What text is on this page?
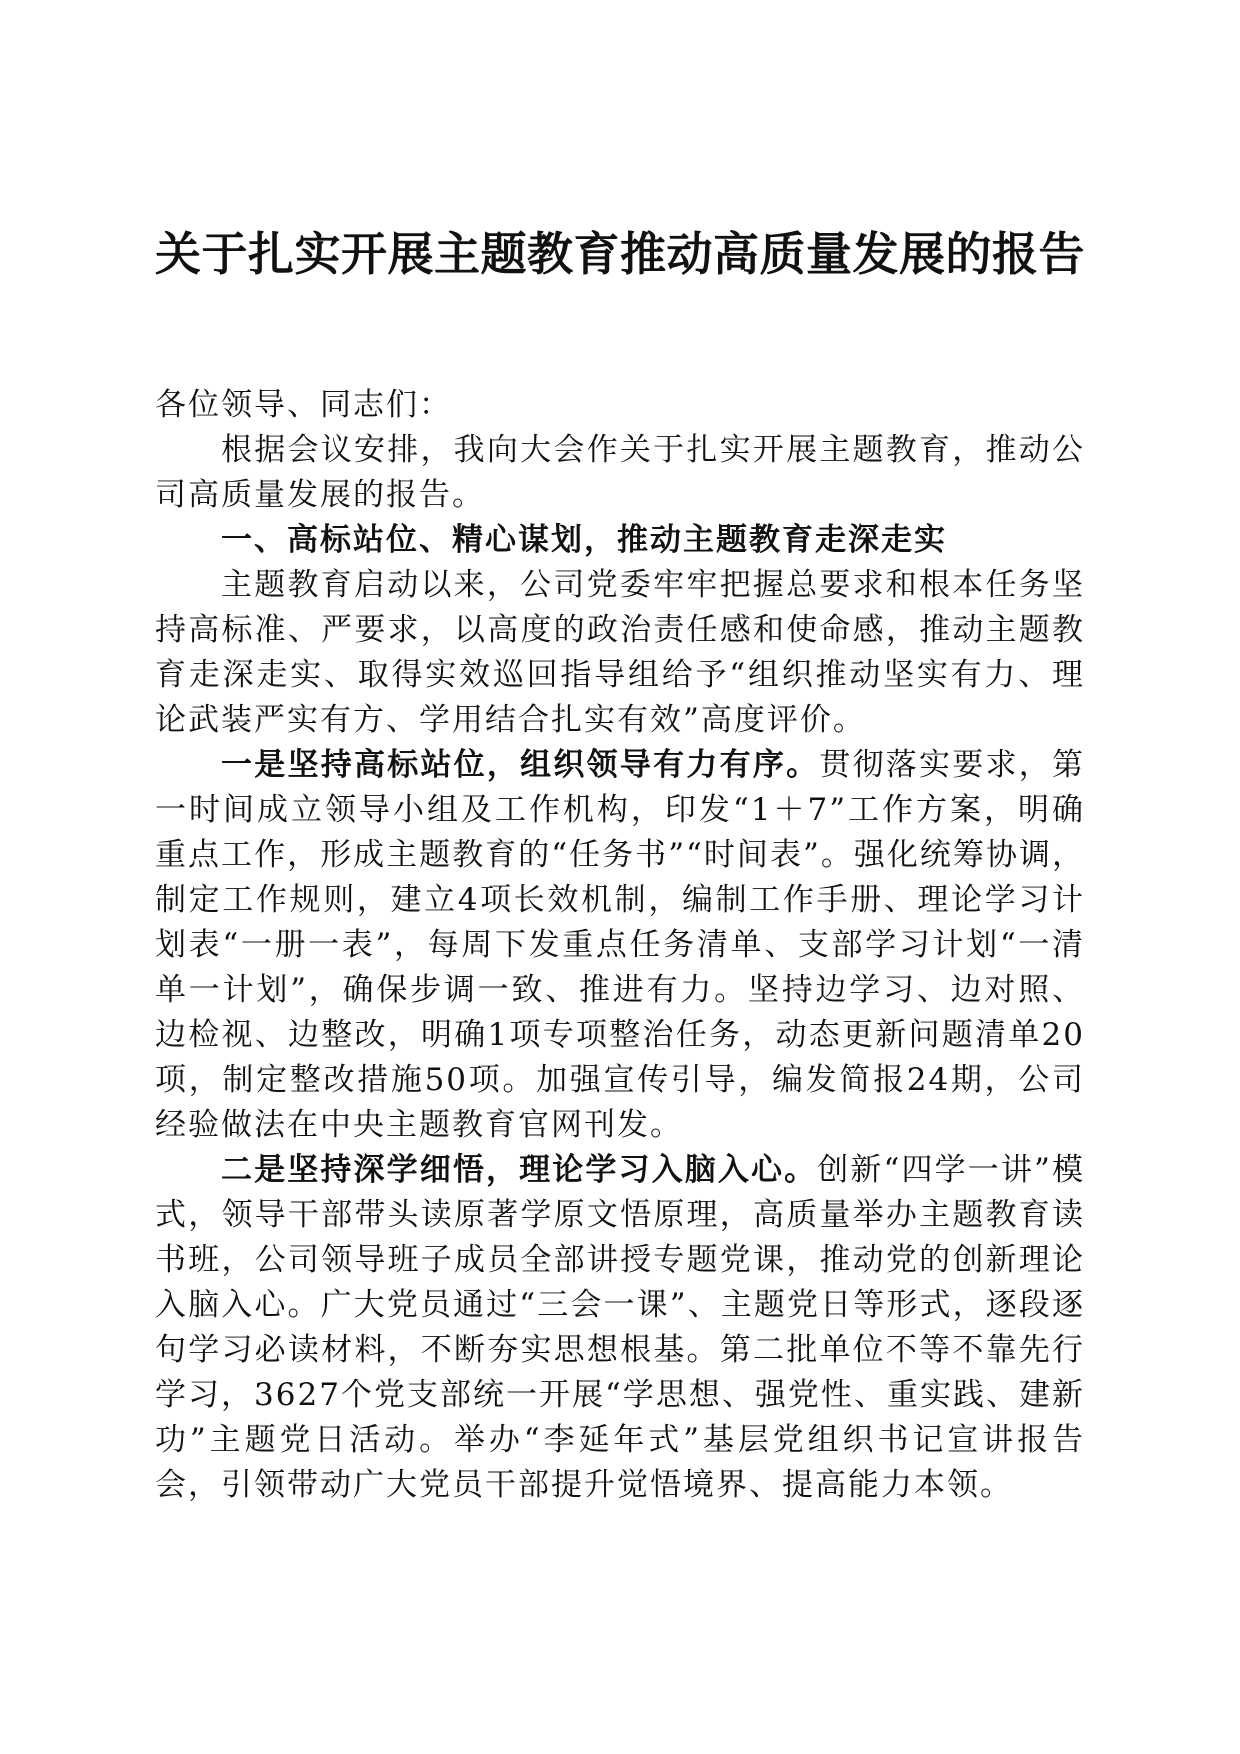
关于扎实开展主题教育推动高质量发展的报告

各位领导、同志们：

根据会议安排，我向大会作关于扎实开展主题教育，推动公司高质量发展的报告。

一、高标站位、精心谋划，推动主题教育走深走实

主题教育启动以来，公司党委牢牢把握总要求和根本任务坚持高标准、严要求，以高度的政治责任感和使命感，推动主题教育走深走实、取得实效巡回指导组给予“组织推动坚实有力、理论武装严实有方、学用结合扎实有效”高度评价。

一是坚持高标站位，组织领导有力有序。贯彻落实要求，第一时间成立领导小组及工作机构，印发“1＋7”工作方案，明确重点工作，形成主题教育的“任务书”“时间表”。强化统筹协调，制定工作规则，建立4项长效机制，编制工作手册、理论学习计划表“一册一表”，每周下发重点任务清单、支部学习计划“一清单一计划”，确保步调一致、推进有力。坚持边学习、边对照、边检视、边整改，明确1项专项整治任务，动态更新问题清单20项，制定整改措施50项。加强宣传引导，编发简报24期，公司经验做法在中央主题教育官网刊发。

二是坚持深学细悟，理论学习入脑入心。创新“四学一讲”模式，领导干部带头读原著学原文悟原理，高质量举办主题教育读书班，公司领导班子成员全部讲授专题党课，推动党的创新理论入脑入心。广大党员通过“三会一课”、主题党日等形式，逐段逐句学习必读材料，不断夯实思想根基。第二批单位不等不靠先行学习，3627个党支部统一开展“学思想、强党性、重实践、建新功”主题党日活动。举办“李延年式”基层党组织书记宣讲报告会，引领带动广大党员干部提升觉悟境界、提高能力本领。
